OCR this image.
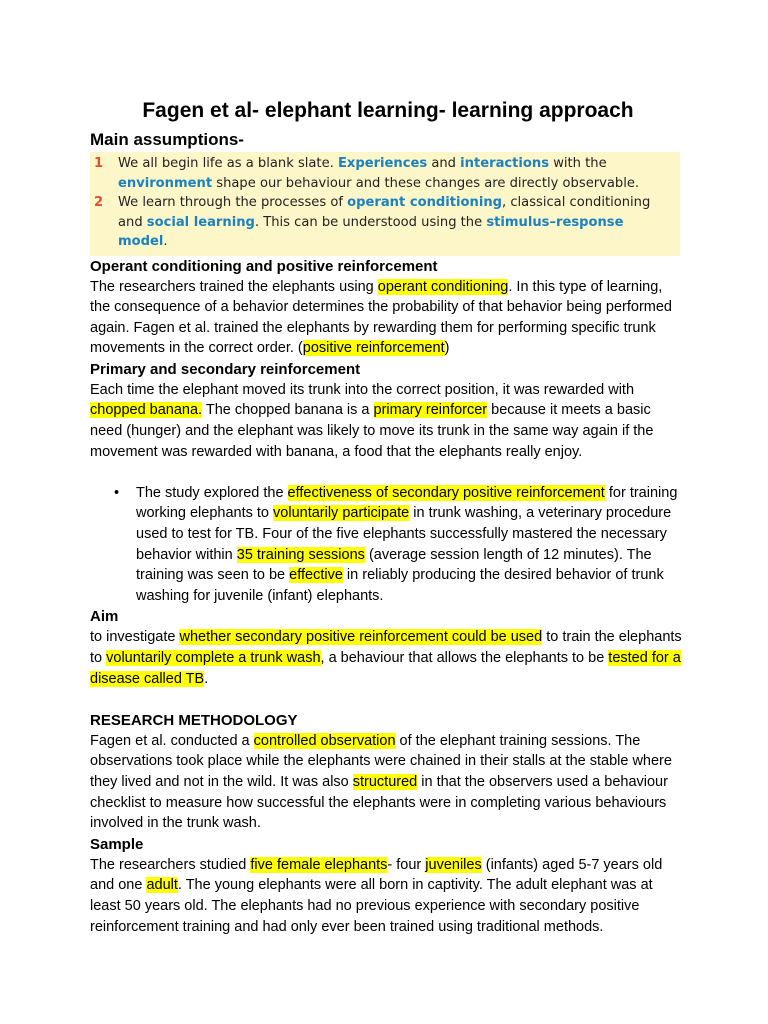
Fagen et al- elephant learning- learning approach
Main assumptions-
1	We all begin life as a blank slate. Experiences and interactions with the environment shape our behaviour and these changes are directly observable.
2	We learn through the processes of operant conditioning, classical conditioning and social learning. This can be understood using the stimulus–response model.
Operant conditioning and positive reinforcement

The researchers trained the elephants using operant conditioning. In this type of learning, the consequence of a behavior determines the probability of that behavior being performed again. Fagen et al. trained the elephants by rewarding them for performing specific trunk movements in the correct order. (positive reinforcement)

Primary and secondary reinforcement

Each time the elephant moved its trunk into the correct position, it was rewarded with chopped banana. The chopped banana is a primary reinforcer because it meets a basic need (hunger) and the elephant was likely to move its trunk in the same way again if the movement was rewarded with banana, a food that the elephants really enjoy.

• The study explored the effectiveness of secondary positive reinforcement for training working elephants to voluntarily participate in trunk washing, a veterinary procedure used to test for TB. Four of the five elephants successfully mastered the necessary behavior within 35 training sessions (average session length of 12 minutes). The training was seen to be effective in reliably producing the desired behavior of trunk washing for juvenile (infant) elephants.
Aim

to investigate whether secondary positive reinforcement could be used to train the elephants to voluntarily complete a trunk wash, a behaviour that allows the elephants to be tested for a disease called TB.

RESEARCH METHODOLOGY

Fagen et al. conducted a controlled observation of the elephant training sessions. The observations took place while the elephants were chained in their stalls at the stable where they lived and not in the wild. It was also structured in that the observers used a behaviour checklist to measure how successful the elephants were in completing various behaviours involved in the trunk wash.

Sample

The researchers studied five female elephants- four juveniles (infants) aged 5-7 years old and one adult. The young elephants were all born in captivity. The adult elephant was at least 50 years old. The elephants had no previous experience with secondary positive reinforcement training and had only ever been trained using traditional methods.
